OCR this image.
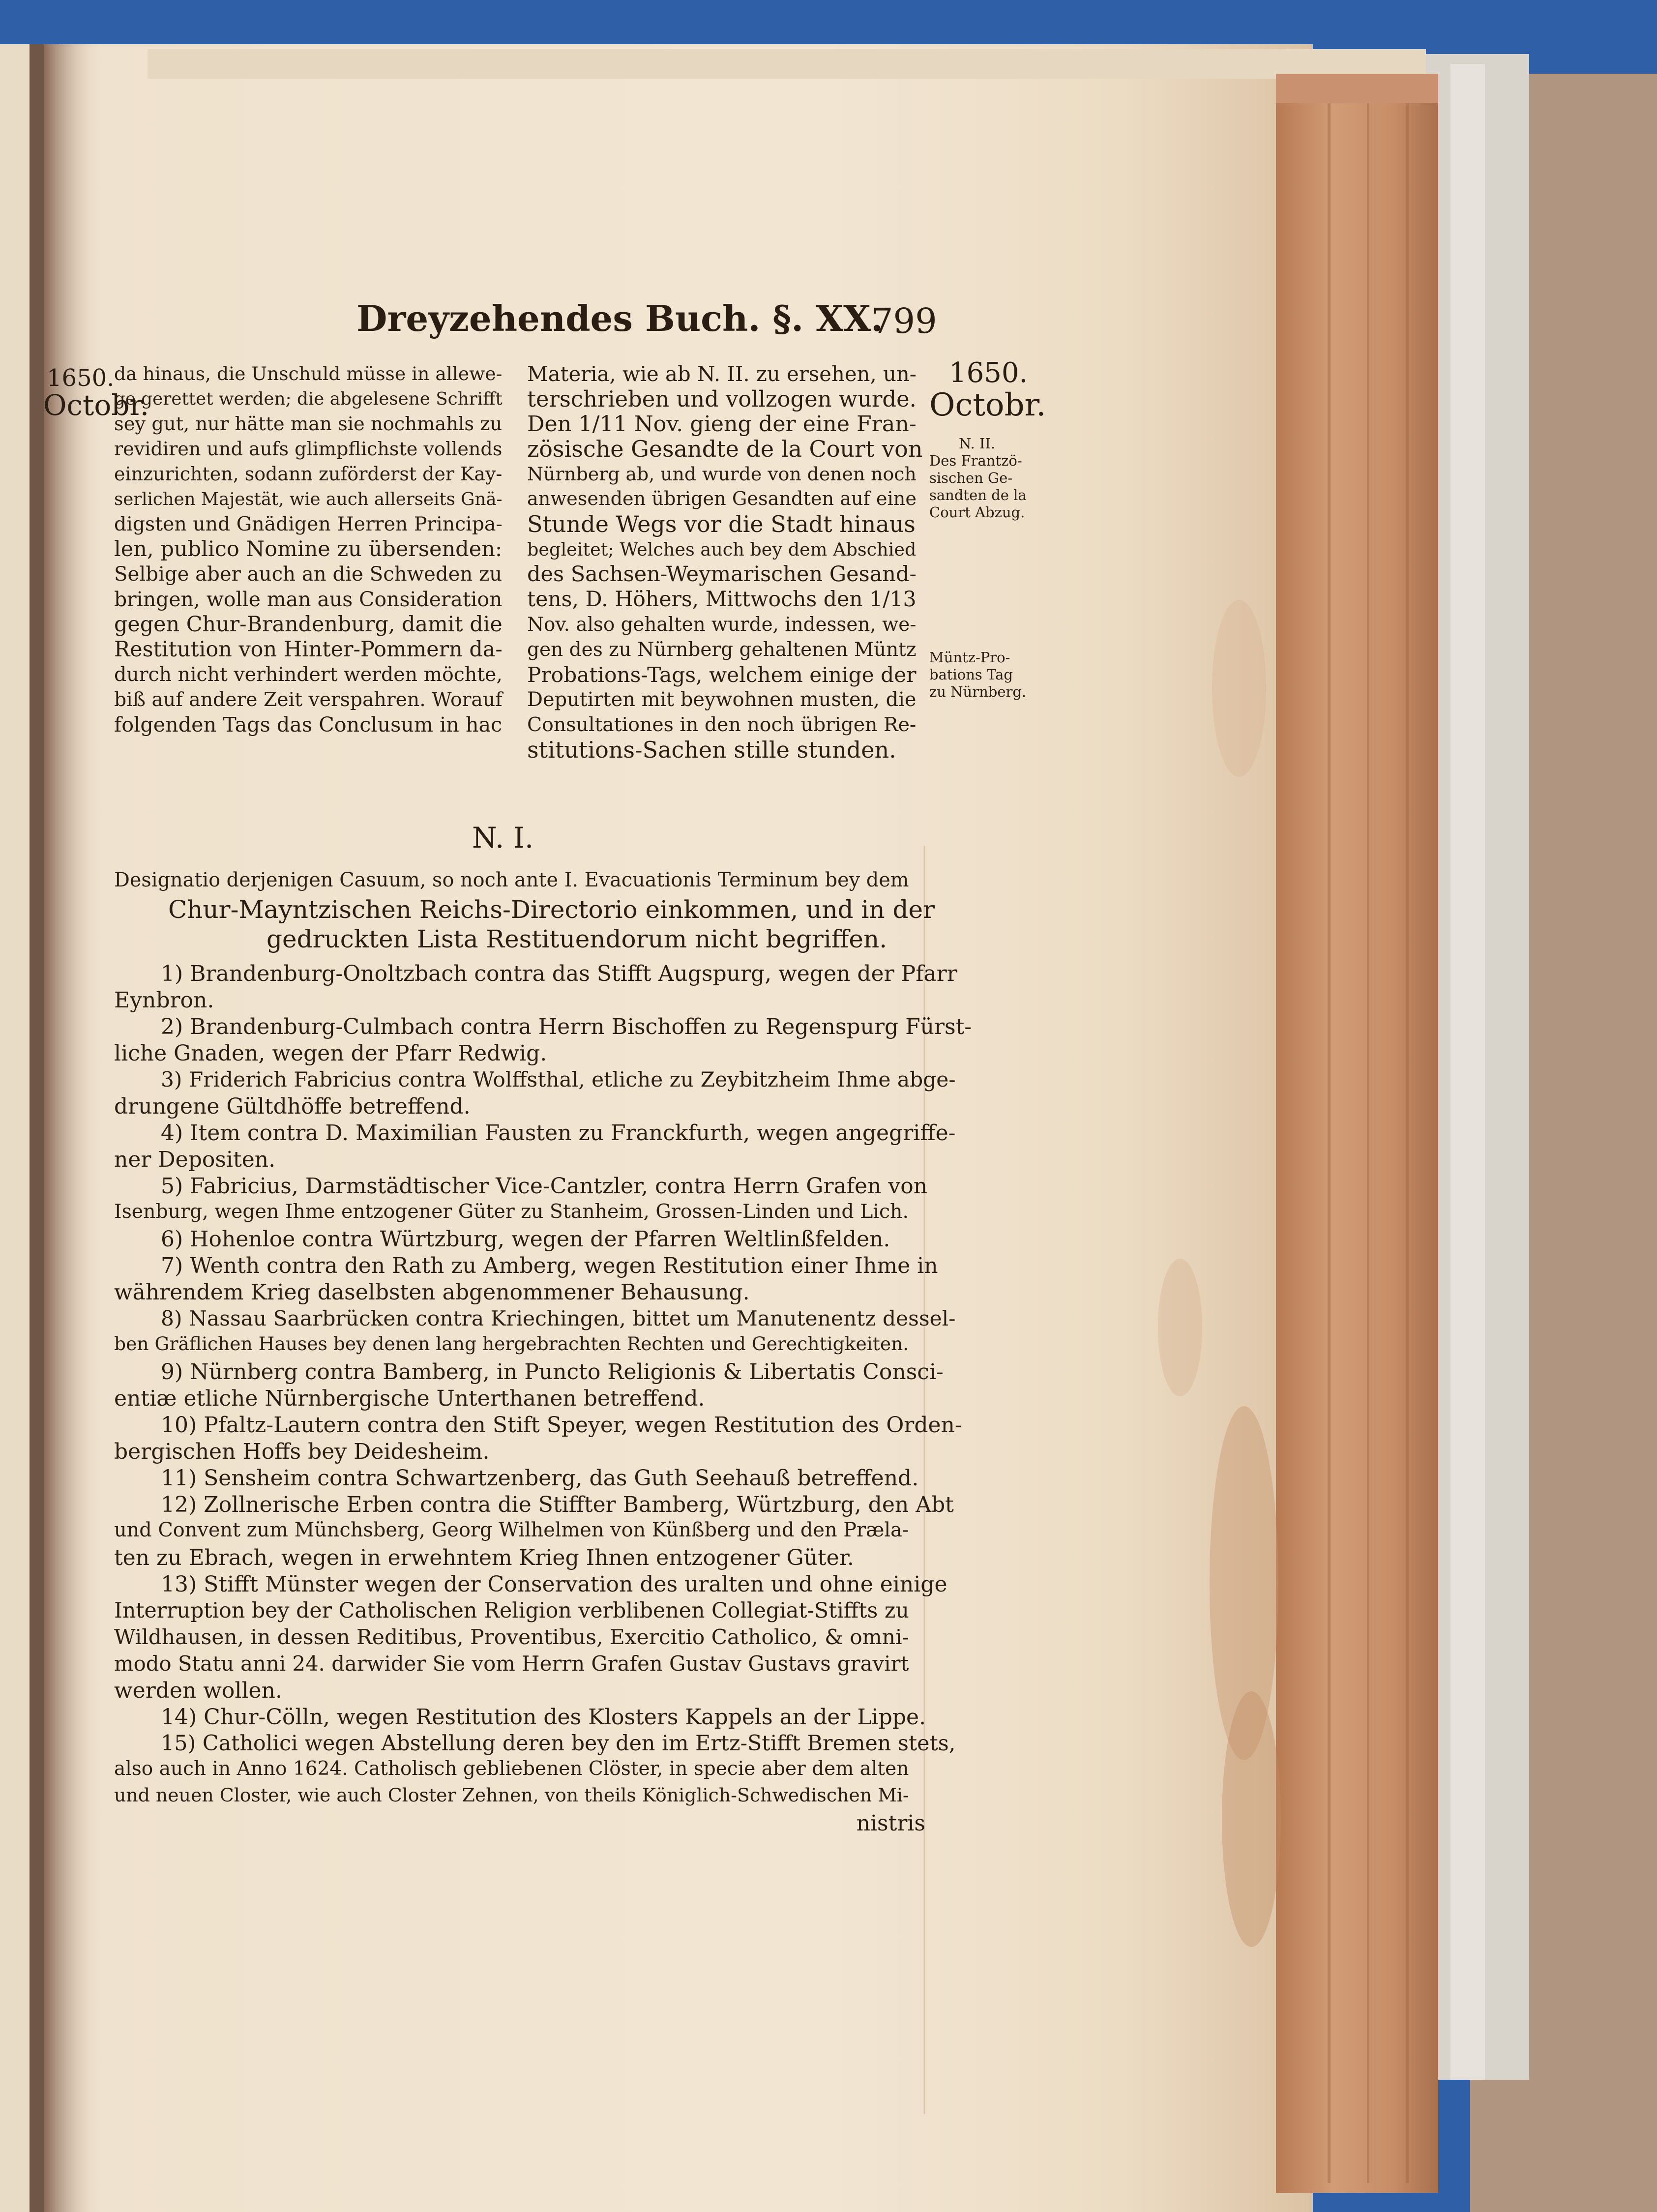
Dreyzehendes Buch. §. XX.
799
1650.
Octobr.
1650.
Octobr.
N. II.
Des Frantzö-
sischen Ge-
sandten de la
Court Abzug.
Müntz-Pro-
bations Tag
zu Nürnberg.
da hinaus, die Unschuld müsse in allewe-
ge gerettet werden; die abgelesene Schrifft
sey gut, nur hätte man sie nochmahls zu
revidiren und aufs glimpflichste vollends
einzurichten, sodann zuförderst der Kay-
serlichen Majestät, wie auch allerseits Gnä-
digsten und Gnädigen Herren Principa-
len, publico Nomine zu übersenden:
Selbige aber auch an die Schweden zu
bringen, wolle man aus Consideration
gegen Chur-Brandenburg, damit die
Restitution von Hinter-Pommern da-
durch nicht verhindert werden möchte,
biß auf andere Zeit verspahren. Worauf
folgenden Tags das Conclusum in hac
Materia, wie ab N. II. zu ersehen, un-
terschrieben und vollzogen wurde.
Den 1/11 Nov. gieng der eine Fran-
zösische Gesandte de la Court von
Nürnberg ab, und wurde von denen noch
anwesenden übrigen Gesandten auf eine
Stunde Wegs vor die Stadt hinaus
begleitet; Welches auch bey dem Abschied
des Sachsen-Weymarischen Gesand-
tens, D. Höhers, Mittwochs den 1/13
Nov. also gehalten wurde, indessen, we-
gen des zu Nürnberg gehaltenen Müntz
Probations-Tags, welchem einige der
Deputirten mit beywohnen musten, die
Consultationes in den noch übrigen Re-
stitutions-Sachen stille stunden.
N. I.
Designatio derjenigen Casuum, so noch ante I. Evacuationis Terminum bey dem
Chur-Mayntzischen Reichs-Directorio einkommen, und in der
gedruckten Lista Restituendorum nicht begriffen.
1) Brandenburg-Onoltzbach contra das Stifft Augspurg, wegen der Pfarr
Eynbron.
2) Brandenburg-Culmbach contra Herrn Bischoffen zu Regenspurg Fürst-
liche Gnaden, wegen der Pfarr Redwig.
3) Friderich Fabricius contra Wolffsthal, etliche zu Zeybitzheim Ihme abge-
drungene Gültdhöffe betreffend.
4) Item contra D. Maximilian Fausten zu Franckfurth, wegen angegriffe-
ner Depositen.
5) Fabricius, Darmstädtischer Vice-Cantzler, contra Herrn Grafen von
Isenburg, wegen Ihme entzogener Güter zu Stanheim, Grossen-Linden und Lich.
6) Hohenloe contra Würtzburg, wegen der Pfarren Weltlinßfelden.
7) Wenth contra den Rath zu Amberg, wegen Restitution einer Ihme in
währendem Krieg daselbsten abgenommener Behausung.
8) Nassau Saarbrücken contra Kriechingen, bittet um Manutenentz dessel-
ben Gräflichen Hauses bey denen lang hergebrachten Rechten und Gerechtigkeiten.
9) Nürnberg contra Bamberg, in Puncto Religionis & Libertatis Consci-
entiæ etliche Nürnbergische Unterthanen betreffend.
10) Pfaltz-Lautern contra den Stift Speyer, wegen Restitution des Orden-
bergischen Hoffs bey Deidesheim.
11) Sensheim contra Schwartzenberg, das Guth Seehauß betreffend.
12) Zollnerische Erben contra die Stiffter Bamberg, Würtzburg, den Abt
und Convent zum Münchsberg, Georg Wilhelmen von Künßberg und den Præla-
ten zu Ebrach, wegen in erwehntem Krieg Ihnen entzogener Güter.
13) Stifft Münster wegen der Conservation des uralten und ohne einige
Interruption bey der Catholischen Religion verblibenen Collegiat-Stiffts zu
Wildhausen, in dessen Reditibus, Proventibus, Exercitio Catholico, & omni-
modo Statu anni 24. darwider Sie vom Herrn Grafen Gustav Gustavs gravirt
werden wollen.
14) Chur-Cölln, wegen Restitution des Klosters Kappels an der Lippe.
15) Catholici wegen Abstellung deren bey den im Ertz-Stifft Bremen stets,
also auch in Anno 1624. Catholisch gebliebenen Clöster, in specie aber dem alten
und neuen Closter, wie auch Closter Zehnen, von theils Königlich-Schwedischen Mi-
nistris
